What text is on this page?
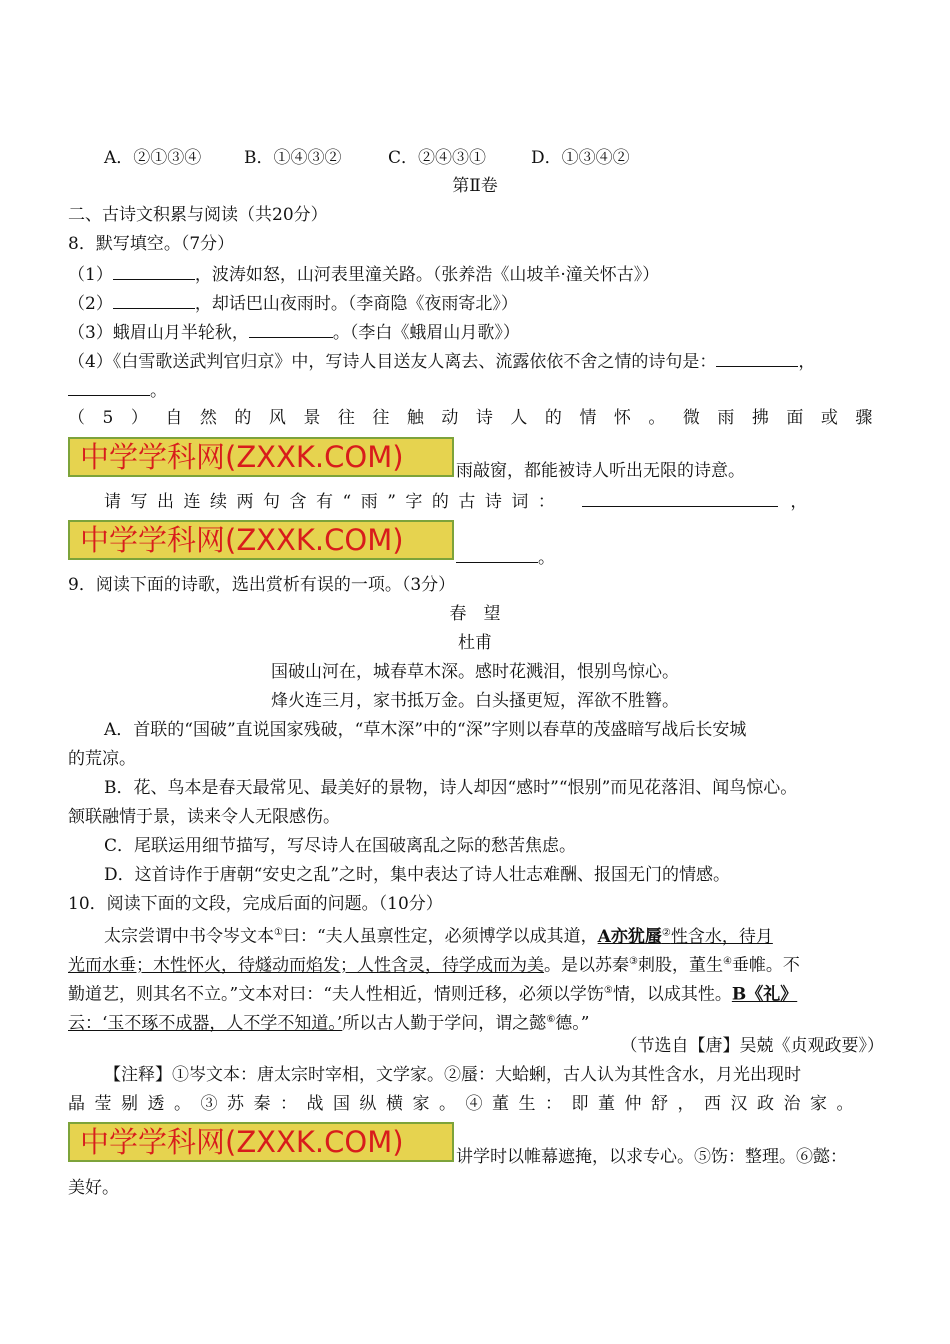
A．②①③④	B．①④③②	C．②④③①	D．①③④②
第Ⅱ卷
二、古诗文积累与阅读（共20分）
8．默写填空。（7分）
（1）	，波涛如怒，山河表里潼关路。（张养浩《山坡羊·潼关怀古》）
（2）	，却话巴山夜雨时。（李商隐《夜雨寄北》）
（3）蛾眉山月半轮秋，	。（李白《蛾眉山月歌》）
（4）《白雪歌送武判官归京》中，写诗人目送友人离去、流露依依不舍之情的诗句是：	，
。
（5）自然的风景往往触动诗人的情怀。微雨拂面或骤
中学学科网(ZXXK.COM)	雨敲窗，都能被诗人听出无限的诗意。
请写出连续两句含有“雨”字的古诗词：	，
中学学科网(ZXXK.COM)
。
9．阅读下面的诗歌，选出赏析有误的一项。（3分）
春　望
杜甫
国破山河在，城春草木深。感时花溅泪，恨别鸟惊心。
烽火连三月，家书抵万金。白头搔更短，浑欲不胜簪。
A．首联的“国破”直说国家残破，“草木深”中的“深”字则以春草的茂盛暗写战后长安城
的荒凉。
B．花、鸟本是春天最常见、最美好的景物，诗人却因“感时”“恨别”而见花落泪、闻鸟惊心。
颔联融情于景，读来令人无限感伤。
C．尾联运用细节描写，写尽诗人在国破离乱之际的愁苦焦虑。
D．这首诗作于唐朝“安史之乱”之时，集中表达了诗人壮志难酬、报国无门的情感。
10．阅读下面的文段，完成后面的问题。（10分）
太宗尝谓中书令岑文本①曰：“夫人虽禀性定，必须博学以成其道，A亦犹蜃②性含水，待月
光而水垂；木性怀火，待燧动而焰发；人性含灵，待学成而为美。是以苏秦③刺股，董生④垂帷。不
勤道艺，则其名不立。”文本对曰：“夫人性相近，情则迁移，必须以学饬⑤情，以成其性。B《礼》
云：‘玉不琢不成器，人不学不知道。’所以古人勤于学问，谓之懿⑥德。”
（节选自【唐】吴兢《贞观政要》）
【注释】①岑文本：唐太宗时宰相，文学家。②蜃：大蛤蜊，古人认为其性含水，月光出现时
晶莹剔透。③苏秦：战国纵横家。④董生：即董仲舒，西汉政治家。
中学学科网(ZXXK.COM)	讲学时以帷幕遮掩，以求专心。⑤饬：整理。⑥懿：
美好。
